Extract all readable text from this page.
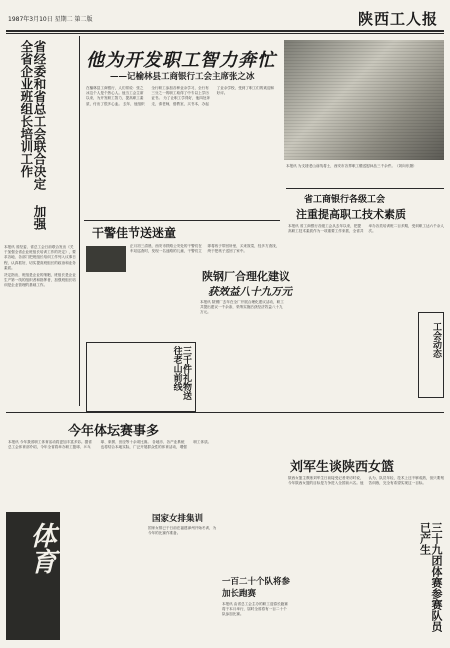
1987年3月10日 星期二 第二版	陕西工人报
省经委和省总工会联合决定 加强全省企业班组长培训工作
本报讯 省经委、省总工会日前联合发出《关于加强全省企业班组长培训工作的决定》，要求各地、各部门把班组长培训工作列入议事日程，认真抓好，切实提高班组长的政治和业务素质。
决定指出，班组是企业的细胞，班组长是企业生产第一线的组织者和指挥者，加强班组长培训是企业管理的基础工作。
他为开发职工智力奔忙
——记榆林县工商银行工会主席张之冰
在榆林县工商银行，人们常说：张之冰这个人是个热心人。他当工会主席以来，为开发职工智力，提高职工素质，付出了很多心血。 去年，他组织全行职工参加各种业余学习，全行有三分之一的职工取得了中专以上学历证书。 为了让职工学得好，他四处奔走，请老师，借教室，买书本，办起了业余学校，受到了职工们的欢迎和好评。
本报讯 为支援老山前线将士，西安市各界职工赠送慰问品三千余件。（刘向东摄）
干警佳节送迷童
正月初三清晨，西安市铁路公安处的干警们在车站巡查时，发现一名迷路的儿童，干警们立即将孩子带回所里，买来饭菜，经多方查找，终于把孩子送回了家中。
陕钢厂合理化建议
获效益八十九万元
本报讯 陕钢厂去年在全厂开展合理化建议活动，职工共提出建议一千余条，采纳实施后获经济效益八十九万元。
省工商银行各级工会
注重提高职工技术素质
本报讯 省工商银行各级工会从去年以来，把提高职工技术素质作为一项重要工作来抓，全省共举办各类培训班二百多期，受训职工达六千余人次。
三千件礼物送往老山前线
工会动态
今年体坛赛事多
本报讯 今年我省职工体育活动将更加丰富多彩。据省总工会体育部介绍，今年全省将举办职工篮球、乒乓球、象棋、田径等十余项比赛。 各地市、各产业系统也将结合本地实际，广泛开展群众性的体育活动，增强职工体质。
刘军生谈陕西女篮
陕西女篮主教练刘军生日前接受记者采访时说，今年陕西女篮的目标是力争进入全国前六名。他认为，队员年轻，技术上还不够成熟，但只要刻苦训练，完全有希望实现这一目标。
体育
国家女排集训
国家女排已于日前在福建漳州开始冬训，为今年的比赛作准备。
一百二十个队将参加长跑赛
本报讯 由省总工会主办的职工迎春长跑赛将于本月举行，届时全省将有一百二十个队参加比赛。	三十九团体赛参赛队员已产生
